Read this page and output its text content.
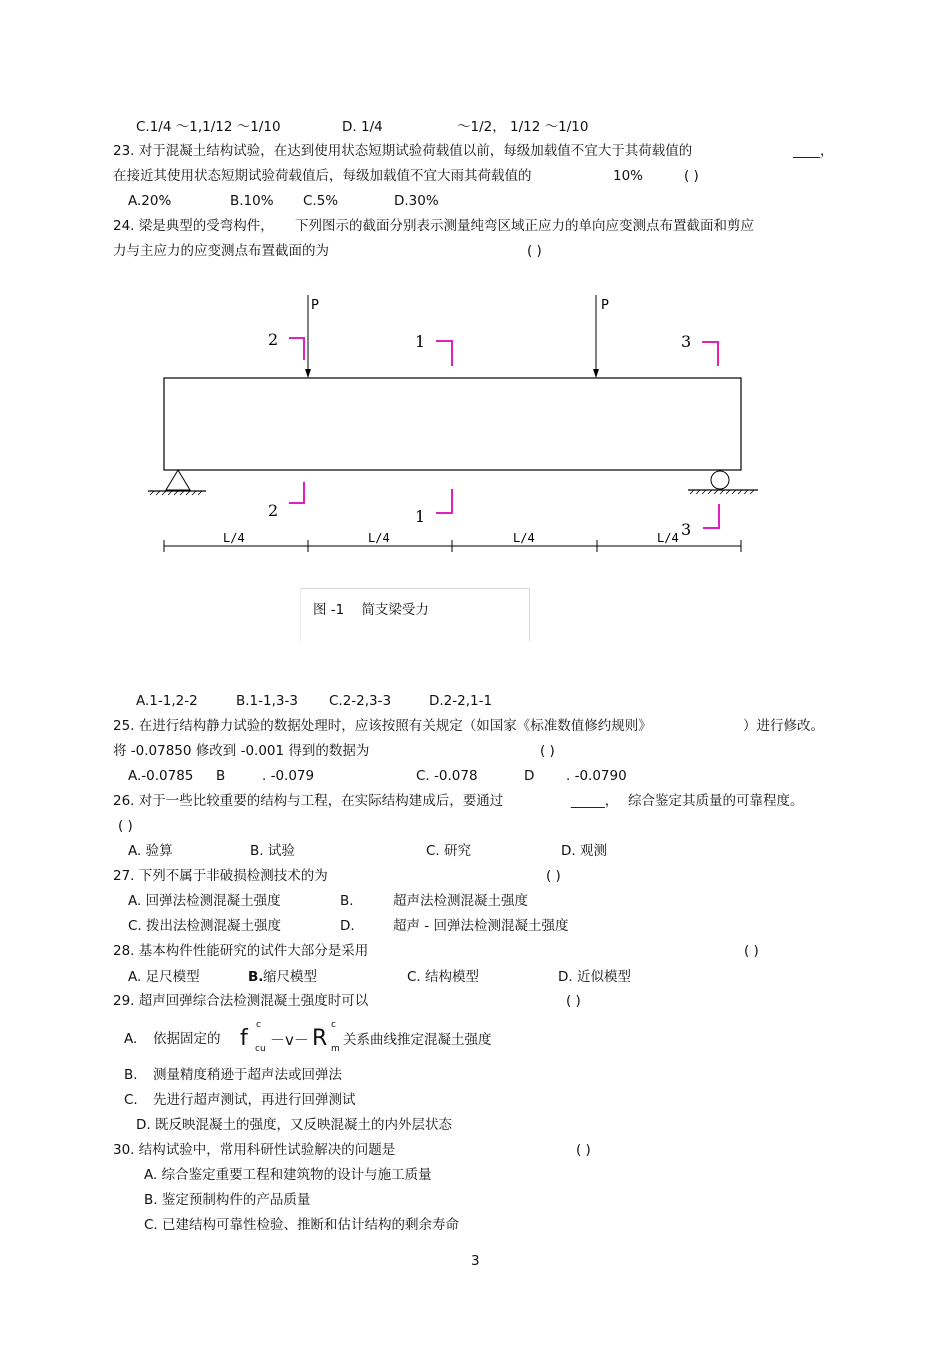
C.1/4 ～1,1/12 ～1/10	D. 1/4	～1/2， 1/12 ～1/10
23. 对于混凝土结构试验，在达到使用状态短期试验荷载值以前，每级加载值不宜大于其荷载值的	____，
在接近其使用状态短期试验荷载值后，每级加载值不宜大雨其荷载值的	10%	( )
A.20%	B.10% C.5%	D.30%
24. 梁是典型的受弯构件， 下列图示的截面分别表示测量纯弯区域正应力的单向应变测点布置截面和剪应
力与主应力的应变测点布置截面的为	( )
P	P
2
2
1
1
3
3
L/4	L/4	L/4	L/4
图 -1 简支梁受力
A.1-1,2-2	B.1-1,3-3 C.2-2,3-3	D.2-2,1-1
25. 在进行结构静力试验的数据处理时，应该按照有关规定（如国家《标准数值修约规则》	）进行修改。
将 -0.07850 修改到 -0.001 得到的数据为	( )
A.-0.0785 B	. -0.079	C. -0.078	D . -0.0790
26. 对于一些比较重要的结构与工程，在实际结构建成后，要通过	_____， 综合鉴定其质量的可靠程度。
( )
A. 验算	B. 试验	C. 研究	D. 观测
27. 下列不属于非破损检测技术的为	( )
A. 回弹法检测混凝土强度	B.	超声法检测混凝土强度
C. 拨出法检测混凝土强度	D.	超声 - 回弹法检测混凝土强度
28. 基本构件性能研究的试件大部分是采用	( )
A. 足尺模型	B. 缩尺模型	C. 结构模型	D. 近似模型
29. 超声回弹综合法检测混凝土强度时可以	( )
A. 依据固定的 f
c
cu －v－ R
c
m
关系曲线推定混凝土强度
B. 测量精度稍逊于超声法或回弹法
C. 先进行超声测试，再进行回弹测试
D. 既反映混凝土的强度，又反映混凝土的内外层状态
30. 结构试验中，常用科研性试验解决的问题是	( )
A. 综合鉴定重要工程和建筑物的设计与施工质量
B. 鉴定预制构件的产品质量
C. 已建结构可靠性检验、推断和估计结构的剩余寿命
3
